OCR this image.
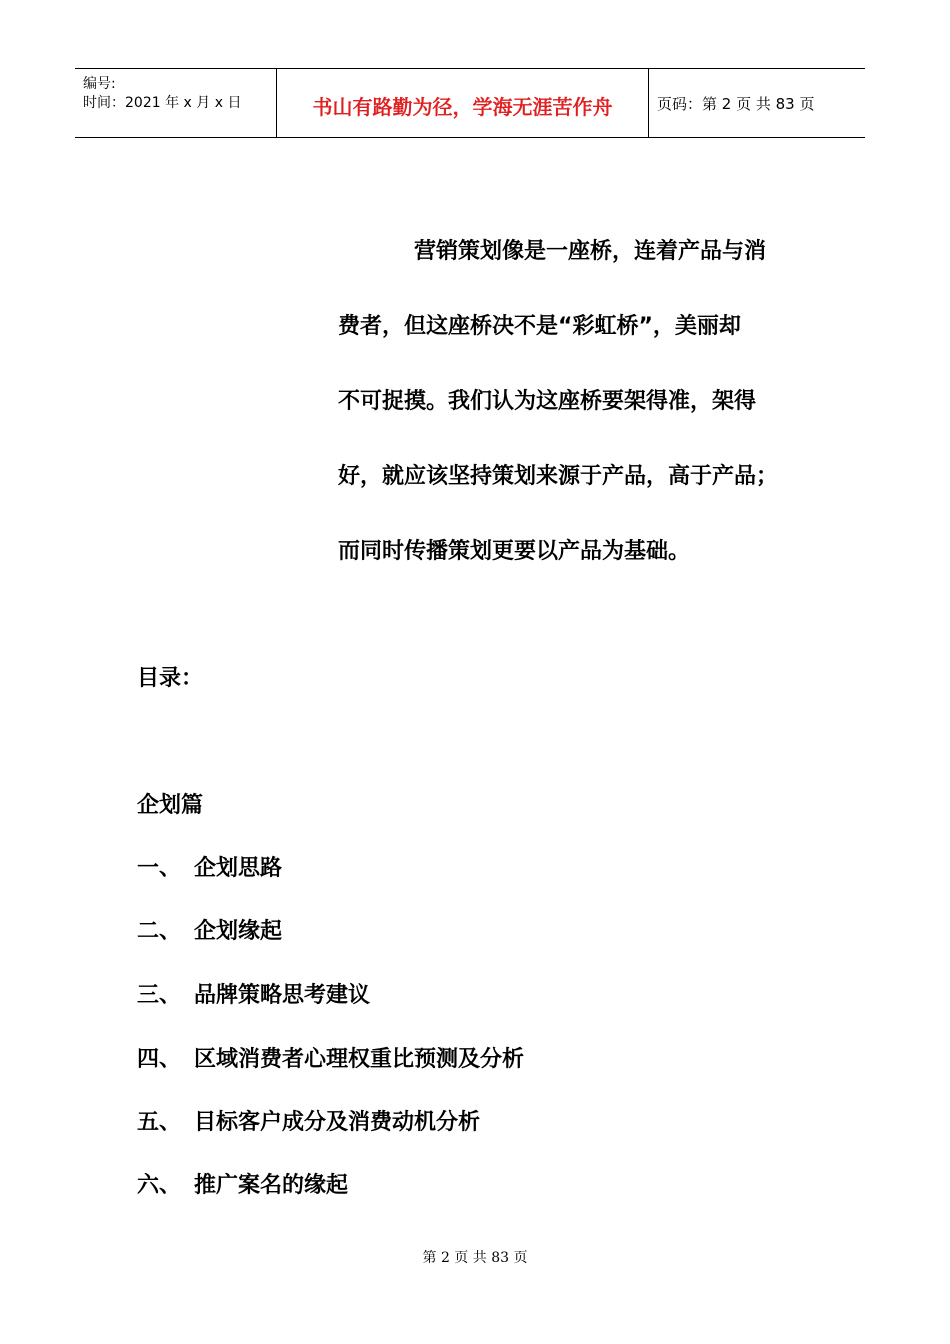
编号:
时间：2021 年 x 月 x 日	书山有路勤为径，学海无涯苦作舟	页码：第 2 页 共 83 页
营销策划像是一座桥，连着产品与消
费者，但这座桥决不是“彩虹桥”，美丽却
不可捉摸。我们认为这座桥要架得准，架得
好，就应该坚持策划来源于产品，高于产品；
而同时传播策划更要以产品为基础。
目录：
企划篇
一、 企划思路
二、 企划缘起
三、 品牌策略思考建议
四、 区域消费者心理权重比预测及分析
五、 目标客户成分及消费动机分析
六、 推广案名的缘起
第 2 页 共 83 页
